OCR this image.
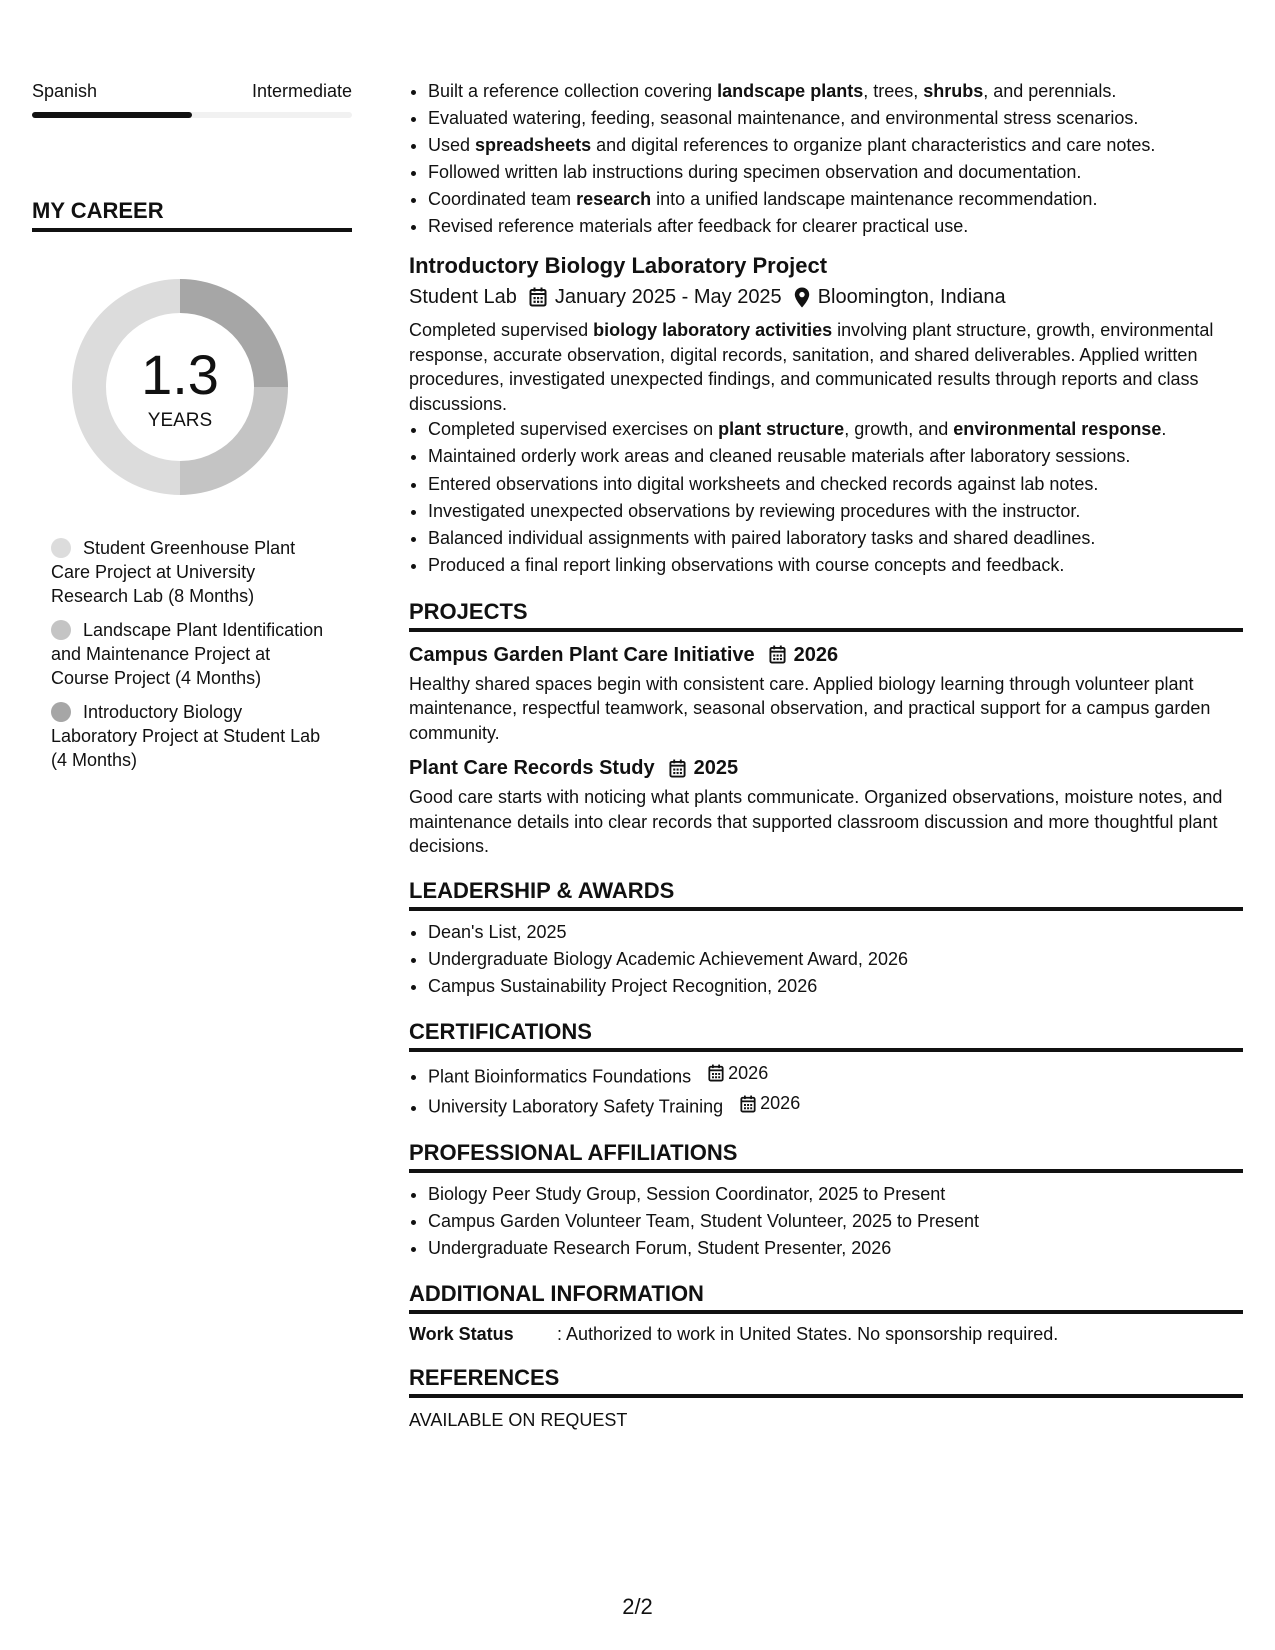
Spanish	Intermediate
MY CAREER
1.3
YEARS
Student Greenhouse Plant Care Project at University Research Lab (8 Months)
Landscape Plant Identification and Maintenance Project at Course Project (4 Months)
Introductory Biology Laboratory Project at Student Lab (4 Months)
• Built a reference collection covering landscape plants, trees, shrubs, and perennials.
• Evaluated watering, feeding, seasonal maintenance, and environmental stress scenarios.
• Used spreadsheets and digital references to organize plant characteristics and care notes.
• Followed written lab instructions during specimen observation and documentation.
• Coordinated team research into a unified landscape maintenance recommendation.
• Revised reference materials after feedback for clearer practical use.
Introductory Biology Laboratory Project
Student Lab January 2025 - May 2025 Bloomington, Indiana
Completed supervised biology laboratory activities involving plant structure, growth, environmental response, accurate observation, digital records, sanitation, and shared deliverables. Applied written procedures, investigated unexpected findings, and communicated results through reports and class discussions.
• Completed supervised exercises on plant structure, growth, and environmental response.
• Maintained orderly work areas and cleaned reusable materials after laboratory sessions.
• Entered observations into digital worksheets and checked records against lab notes.
• Investigated unexpected observations by reviewing procedures with the instructor.
• Balanced individual assignments with paired laboratory tasks and shared deadlines.
• Produced a final report linking observations with course concepts and feedback.
PROJECTS
Campus Garden Plant Care Initiative 2026
Healthy shared spaces begin with consistent care. Applied biology learning through volunteer plant maintenance, respectful teamwork, seasonal observation, and practical support for a campus garden community.
Plant Care Records Study 2025
Good care starts with noticing what plants communicate. Organized observations, moisture notes, and maintenance details into clear records that supported classroom discussion and more thoughtful plant decisions.
LEADERSHIP & AWARDS
• Dean's List, 2025
• Undergraduate Biology Academic Achievement Award, 2026
• Campus Sustainability Project Recognition, 2026
CERTIFICATIONS
• Plant Bioinformatics Foundations 2026
• University Laboratory Safety Training 2026
PROFESSIONAL AFFILIATIONS
• Biology Peer Study Group, Session Coordinator, 2025 to Present
• Campus Garden Volunteer Team, Student Volunteer, 2025 to Present
• Undergraduate Research Forum, Student Presenter, 2026
ADDITIONAL INFORMATION
Work Status	: Authorized to work in United States. No sponsorship required.
REFERENCES
AVAILABLE ON REQUEST
2/2
